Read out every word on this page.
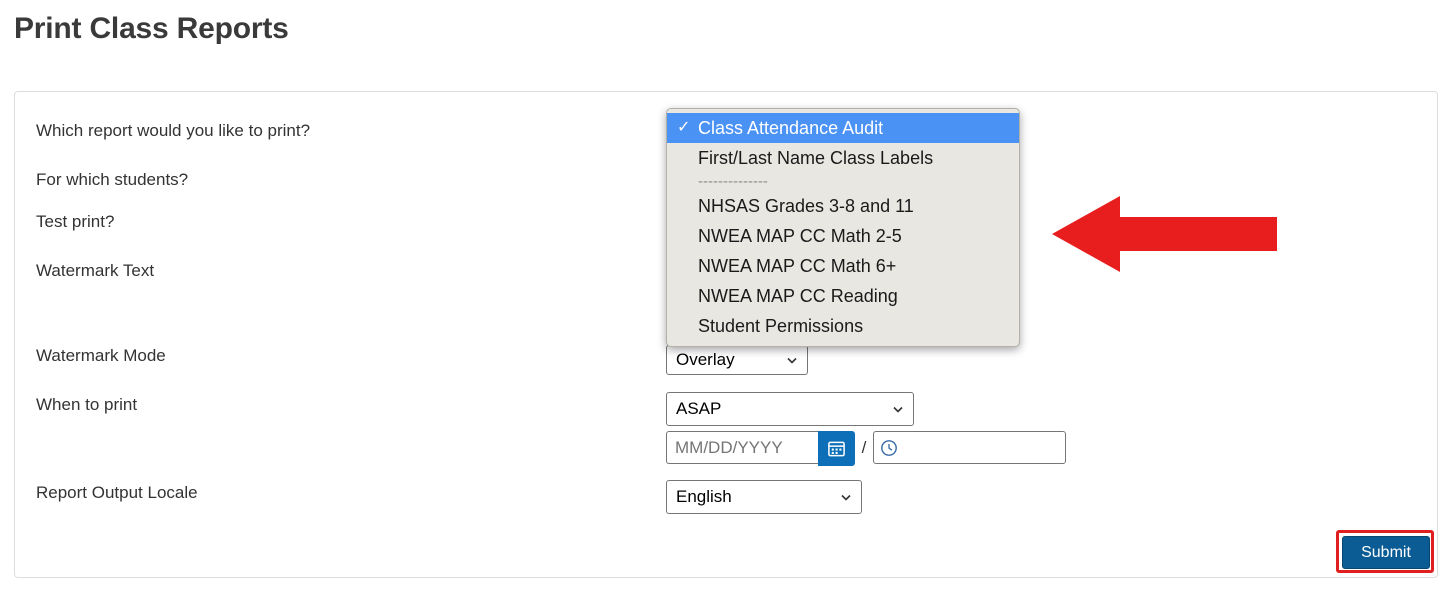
Print Class Reports
Which report would you like to print?
For which students?
Test print?
Watermark Text
Watermark Mode
When to print
Report Output Locale
Overlay
ASAP
MM/DD/YYYY
/
English
✓ Class Attendance Audit
First/Last Name Class Labels
--------------
NHSAS Grades 3-8 and 11
NWEA MAP CC Math 2-5
NWEA MAP CC Math 6+
NWEA MAP CC Reading
Student Permissions
Submit
